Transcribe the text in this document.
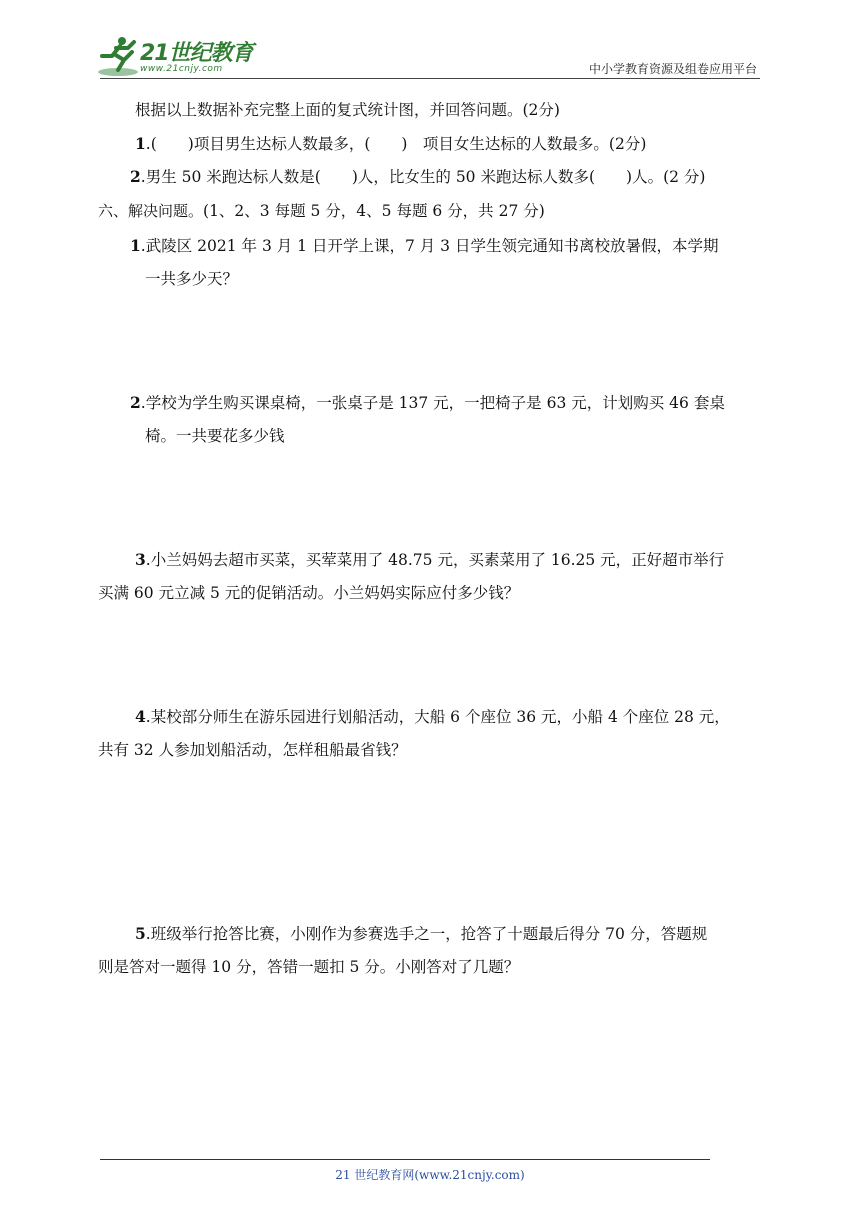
21世纪教育
www.21cnjy.com	中小学教育资源及组卷应用平台
根据以上数据补充完整上面的复式统计图，并回答问题。(2分)
1.(　　)项目男生达标人数最多，(　　)　项目女生达标的人数最多。(2分)
2.男生 50 米跑达标人数是(　　)人，比女生的 50 米跑达标人数多(　　)人。(2 分)
六、解决问题。(1、2、3 每题 5 分，4、5 每题 6 分，共 27 分)
1.武陵区 2021 年 3 月 1 日开学上课，7 月 3 日学生领完通知书离校放暑假，本学期
一共多少天？
2.学校为学生购买课桌椅，一张桌子是 137 元，一把椅子是 63 元，计划购买 46 套桌
椅。一共要花多少钱
3.小兰妈妈去超市买菜，买荤菜用了 48.75 元，买素菜用了 16.25 元，正好超市举行
买满 60 元立减 5 元的促销活动。小兰妈妈实际应付多少钱？
4.某校部分师生在游乐园进行划船活动，大船 6 个座位 36 元，小船 4 个座位 28 元，
共有 32 人参加划船活动，怎样租船最省钱？
5.班级举行抢答比赛，小刚作为参赛选手之一，抢答了十题最后得分 70 分，答题规
则是答对一题得 10 分，答错一题扣 5 分。小刚答对了几题？
21 世纪教育网(www.21cnjy.com)
